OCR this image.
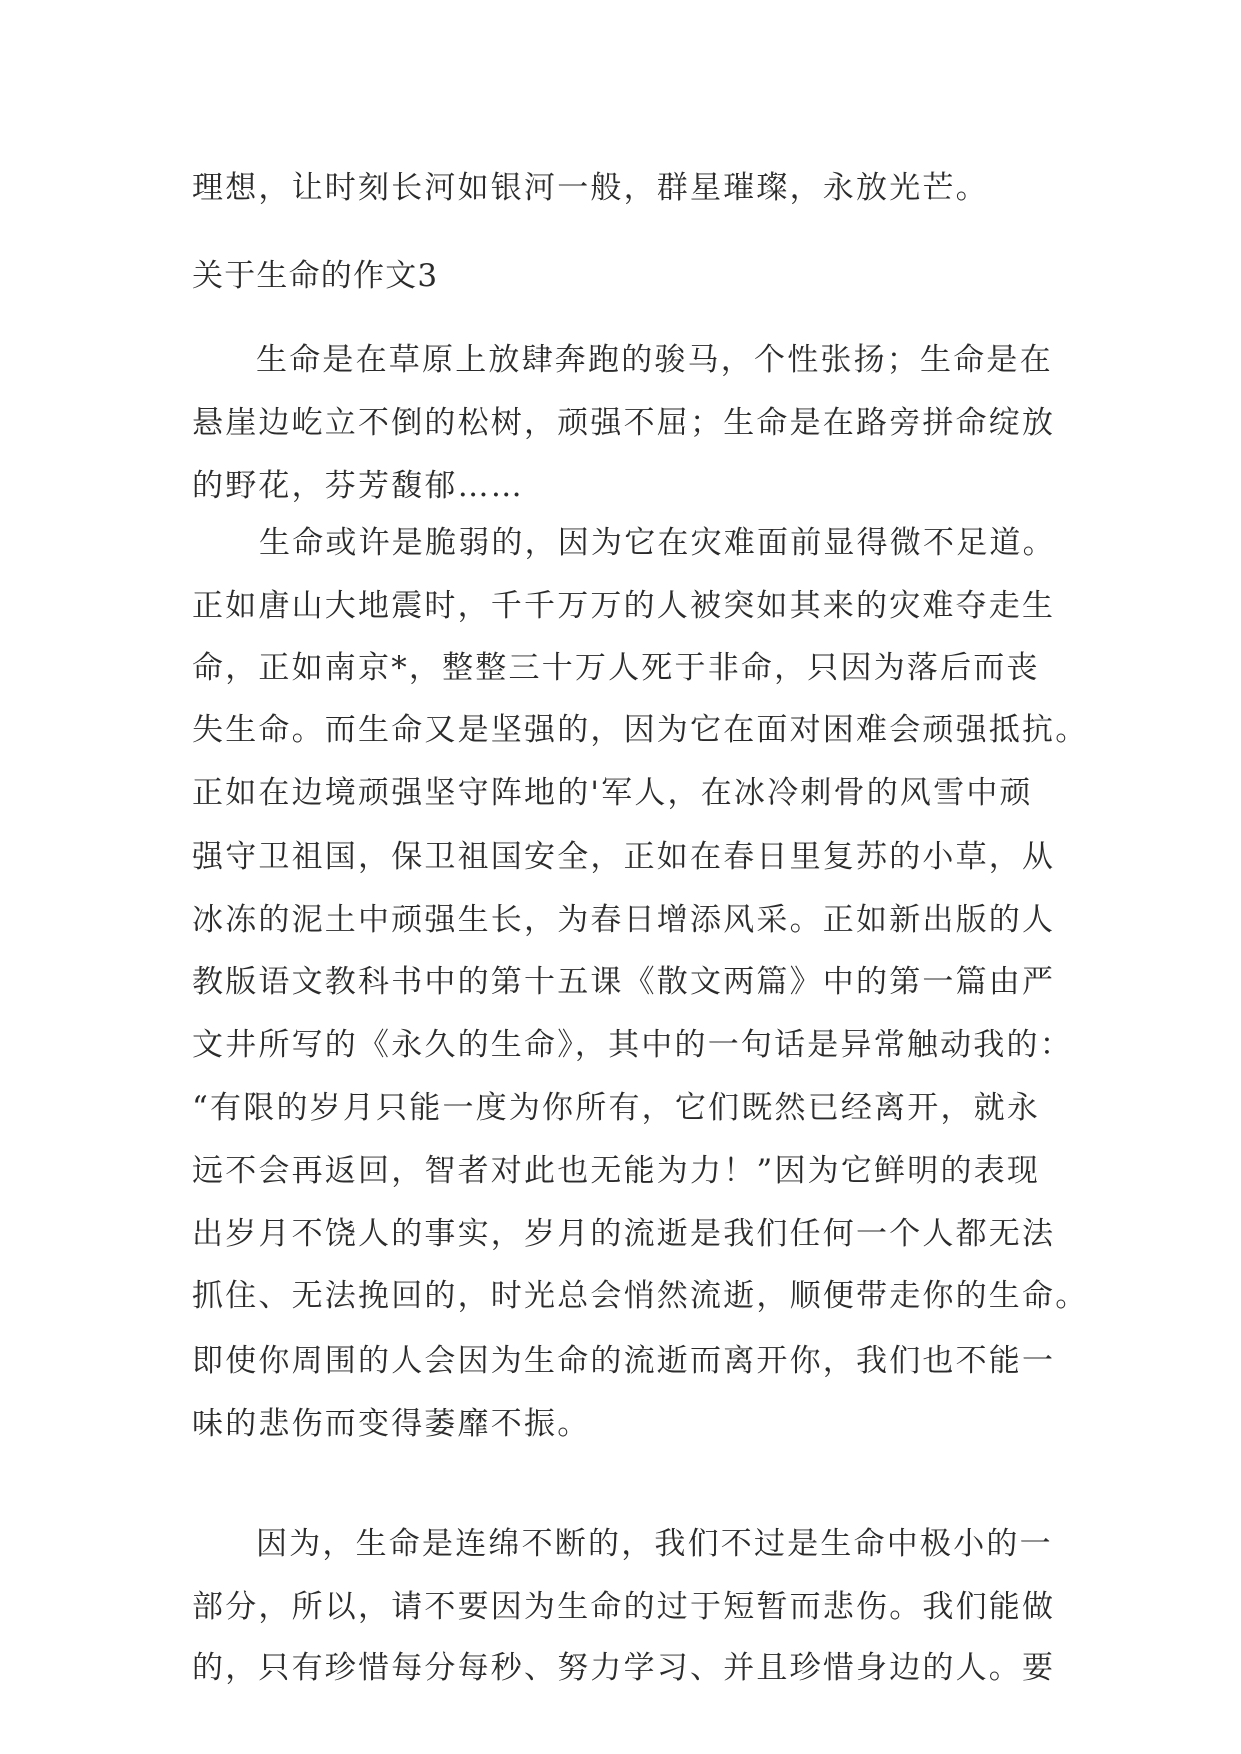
理想，让时刻长河如银河一般，群星璀璨，永放光芒。
关于生命的作文3
生命是在草原上放肆奔跑的骏马，个性张扬；生命是在
悬崖边屹立不倒的松树，顽强不屈；生命是在路旁拼命绽放
的野花，芬芳馥郁……
生命或许是脆弱的，因为它在灾难面前显得微不足道。
正如唐山大地震时，千千万万的人被突如其来的灾难夺走生
命，正如南京*，整整三十万人死于非命，只因为落后而丧
失生命。而生命又是坚强的，因为它在面对困难会顽强抵抗。
正如在边境顽强坚守阵地的'军人，在冰冷刺骨的风雪中顽
强守卫祖国，保卫祖国安全，正如在春日里复苏的小草，从
冰冻的泥土中顽强生长，为春日增添风采。正如新出版的人
教版语文教科书中的第十五课《散文两篇》中的第一篇由严
文井所写的《永久的生命》，其中的一句话是异常触动我的：
“有限的岁月只能一度为你所有，它们既然已经离开，就永
远不会再返回，智者对此也无能为力！”因为它鲜明的表现
出岁月不饶人的事实，岁月的流逝是我们任何一个人都无法
抓住、无法挽回的，时光总会悄然流逝，顺便带走你的生命。
即使你周围的人会因为生命的流逝而离开你，我们也不能一
味的悲伤而变得萎靡不振。
因为，生命是连绵不断的，我们不过是生命中极小的一
部分，所以，请不要因为生命的过于短暂而悲伤。我们能做
的，只有珍惜每分每秒、努力学习、并且珍惜身边的人。要
